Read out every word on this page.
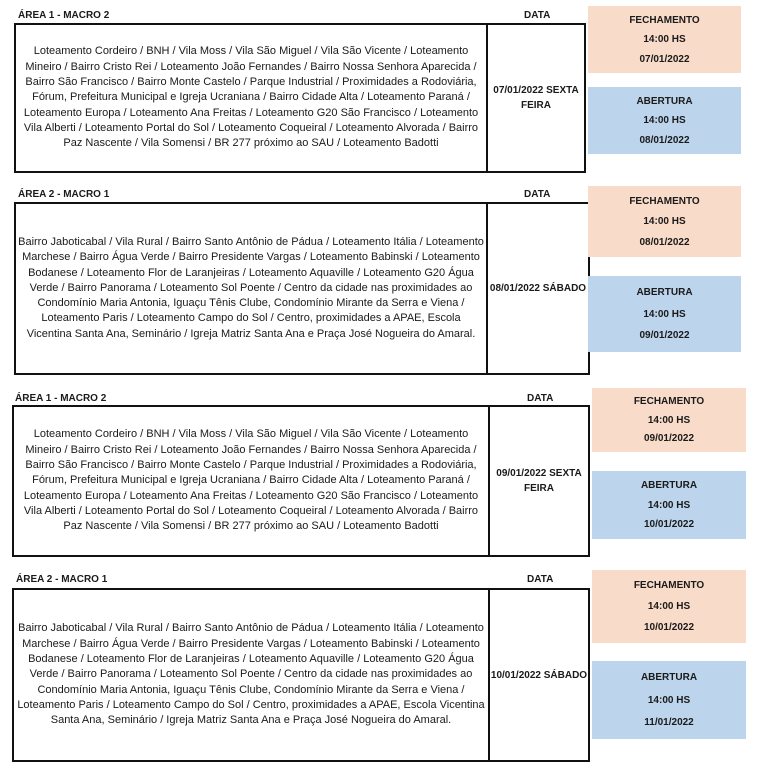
ÁREA 1 - MACRO 2	DATA
Loteamento Cordeiro / BNH / Vila Moss / Vila São Miguel / Vila São Vicente / Loteamento Mineiro / Bairro Cristo Rei / Loteamento João Fernandes / Bairro Nossa Senhora Aparecida / Bairro São Francisco / Bairro Monte Castelo / Parque Industrial / Proximidades a Rodoviária, Fórum, Prefeitura Municipal e Igreja Ucraniana / Bairro Cidade Alta / Loteamento Paraná / Loteamento Europa / Loteamento Ana Freitas / Loteamento G20 São Francisco / Loteamento Vila Alberti / Loteamento Portal do Sol / Loteamento Coqueiral / Loteamento Alvorada / Bairro Paz Nascente / Vila Somensi / BR 277 próximo ao SAU / Loteamento Badotti
07/01/2022 SEXTA FEIRA
FECHAMENTO
14:00 HS
07/01/2022
ABERTURA
14:00 HS
08/01/2022
ÁREA 2 - MACRO 1	DATA
Bairro Jaboticabal / Vila Rural / Bairro Santo Antônio de Pádua / Loteamento Itália / Loteamento Marchese / Bairro Água Verde / Bairro Presidente Vargas / Loteamento Babinski / Loteamento Bodanese / Loteamento Flor de Laranjeiras / Loteamento Aquaville / Loteamento G20 Água Verde / Bairro Panorama / Loteamento Sol Poente / Centro da cidade nas proximidades ao Condomínio Maria Antonia, Iguaçu Tênis Clube, Condomínio Mirante da Serra e Viena / Loteamento Paris / Loteamento Campo do Sol / Centro, proximidades a APAE, Escola Vicentina Santa Ana, Seminário / Igreja Matriz Santa Ana e Praça José Nogueira do Amaral.
08/01/2022 SÁBADO
FECHAMENTO
14:00 HS
08/01/2022
ABERTURA
14:00 HS
09/01/2022
ÁREA 1 - MACRO 2	DATA
Loteamento Cordeiro / BNH / Vila Moss / Vila São Miguel / Vila São Vicente / Loteamento Mineiro / Bairro Cristo Rei / Loteamento João Fernandes / Bairro Nossa Senhora Aparecida / Bairro São Francisco / Bairro Monte Castelo / Parque Industrial / Proximidades a Rodoviária, Fórum, Prefeitura Municipal e Igreja Ucraniana / Bairro Cidade Alta / Loteamento Paraná / Loteamento Europa / Loteamento Ana Freitas / Loteamento G20 São Francisco / Loteamento Vila Alberti / Loteamento Portal do Sol / Loteamento Coqueiral / Loteamento Alvorada / Bairro Paz Nascente / Vila Somensi / BR 277 próximo ao SAU / Loteamento Badotti
09/01/2022 SEXTA FEIRA
FECHAMENTO
14:00 HS
09/01/2022
ABERTURA
14:00 HS
10/01/2022
ÁREA 2 - MACRO 1	DATA
Bairro Jaboticabal / Vila Rural / Bairro Santo Antônio de Pádua / Loteamento Itália / Loteamento Marchese / Bairro Água Verde / Bairro Presidente Vargas / Loteamento Babinski / Loteamento Bodanese / Loteamento Flor de Laranjeiras / Loteamento Aquaville / Loteamento G20 Água Verde / Bairro Panorama / Loteamento Sol Poente / Centro da cidade nas proximidades ao Condomínio Maria Antonia, Iguaçu Tênis Clube, Condomínio Mirante da Serra e Viena / Loteamento Paris / Loteamento Campo do Sol / Centro, proximidades a APAE, Escola Vicentina Santa Ana, Seminário / Igreja Matriz Santa Ana e Praça José Nogueira do Amaral.
10/01/2022 SÁBADO
FECHAMENTO
14:00 HS
10/01/2022
ABERTURA
14:00 HS
11/01/2022
